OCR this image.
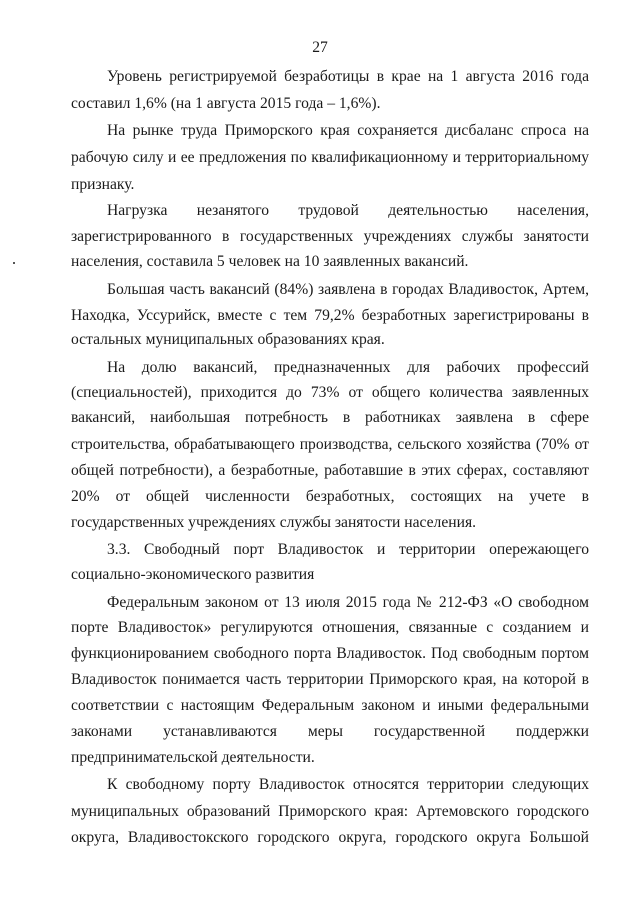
27
Уровень регистрируемой безработицы в крае на 1 августа 2016 года
составил 1,6% (на 1 августа 2015 года – 1,6%).
На рынке труда Приморского края сохраняется дисбаланс спроса на
рабочую силу и ее предложения по квалификационному и территориальному
признаку.
Нагрузка незанятого трудовой деятельностью населения,
зарегистрированного в государственных учреждениях службы занятости
населения, составила 5 человек на 10 заявленных вакансий.
Большая часть вакансий (84%) заявлена в городах Владивосток, Артем,
Находка, Уссурийск, вместе с тем 79,2% безработных зарегистрированы в
остальных муниципальных образованиях края.
На долю вакансий, предназначенных для рабочих профессий
(специальностей), приходится до 73% от общего количества заявленных
вакансий, наибольшая потребность в работниках заявлена в сфере
строительства, обрабатывающего производства, сельского хозяйства (70% от
общей потребности), а безработные, работавшие в этих сферах, составляют
20% от общей численности безработных, состоящих на учете в
государственных учреждениях службы занятости населения.
3.3. Свободный порт Владивосток и территории опережающего
социально-экономического развития
Федеральным законом от 13 июля 2015 года № 212-ФЗ «О свободном
порте Владивосток» регулируются отношения, связанные с созданием и
функционированием свободного порта Владивосток. Под свободным портом
Владивосток понимается часть территории Приморского края, на которой в
соответствии с настоящим Федеральным законом и иными федеральными
законами устанавливаются меры государственной поддержки
предпринимательской деятельности.
К свободному порту Владивосток относятся территории следующих
муниципальных образований Приморского края: Артемовского городского
округа, Владивостокского городского округа, городского округа Большой
